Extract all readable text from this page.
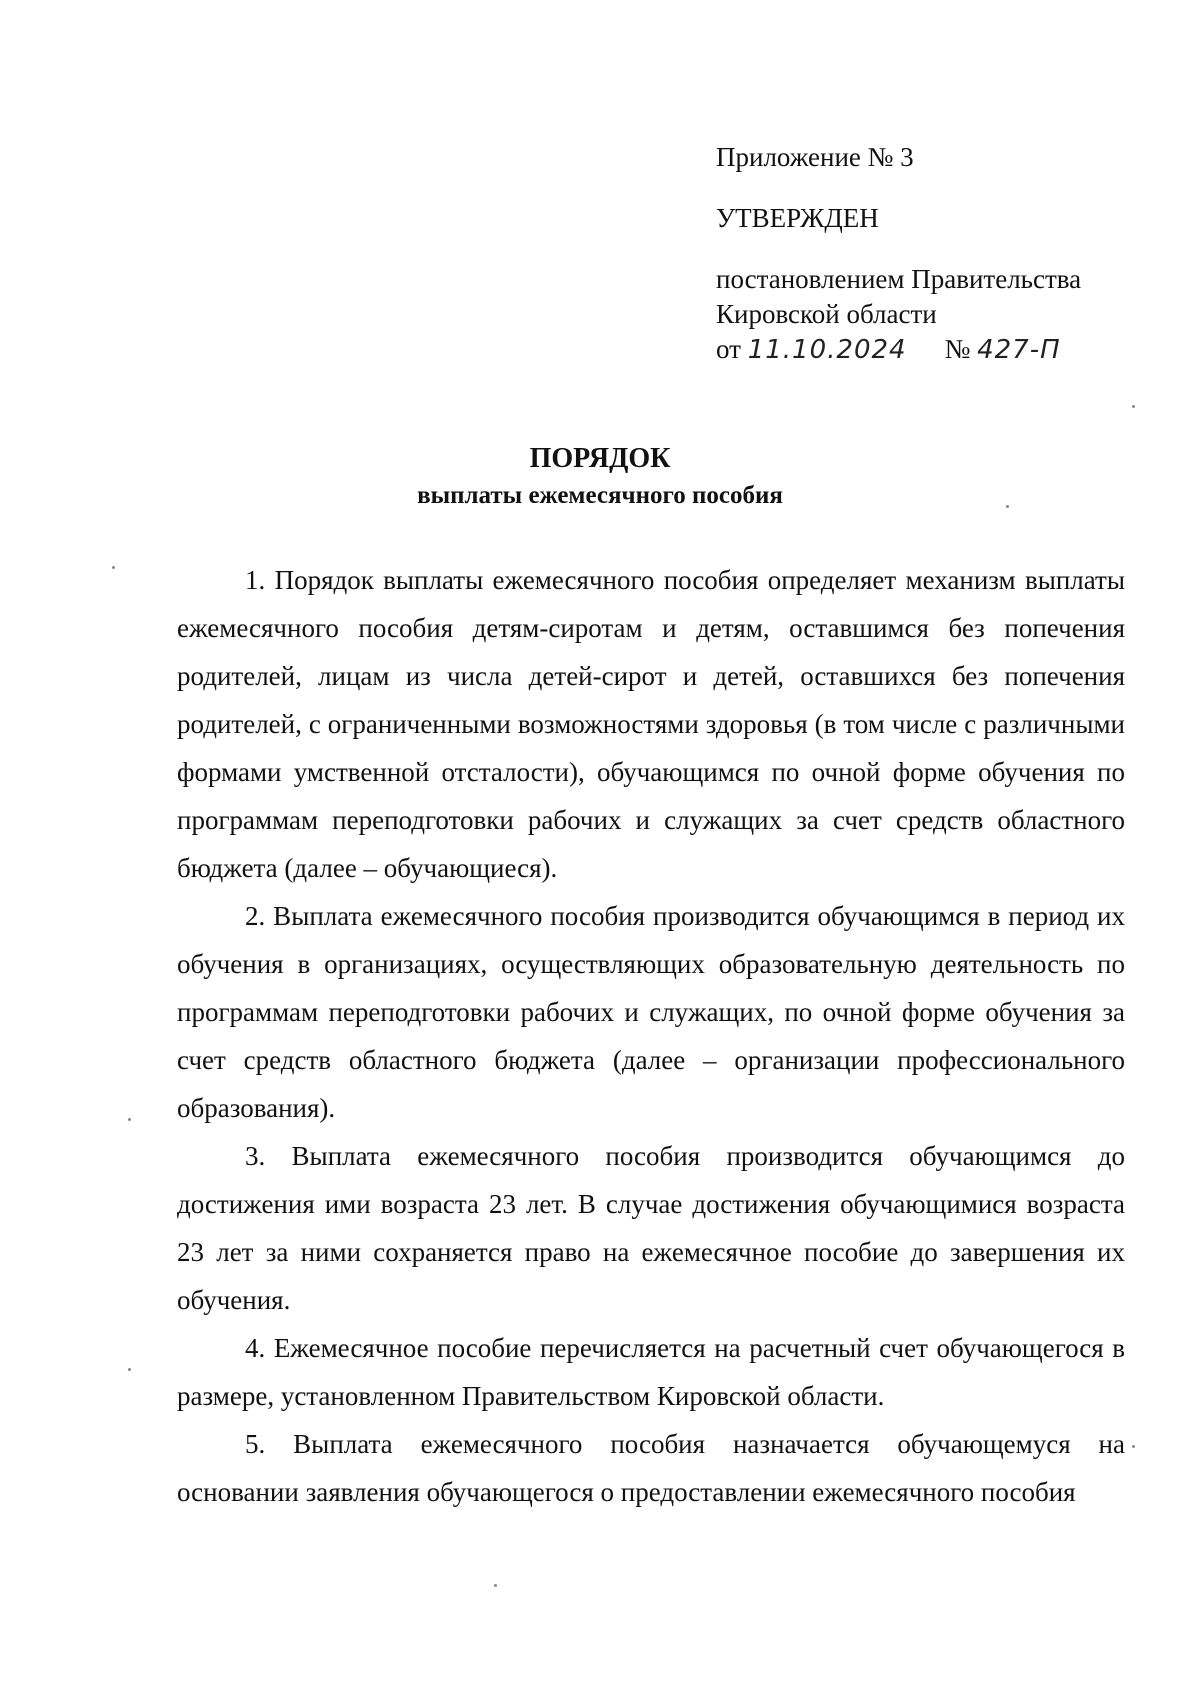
Приложение № 3
УТВЕРЖДЕН
постановлением Правительства
Кировской области
от 11.10.2024 № 427-П
ПОРЯДОК
выплаты ежемесячного пособия

1. Порядок выплаты ежемесячного пособия определяет механизм выплаты ежемесячного пособия детям-сиротам и детям, оставшимся без попечения родителей, лицам из числа детей-сирот и детей, оставшихся без попечения родителей, с ограниченными возможностями здоровья (в том числе с различными формами умственной отсталости), обучающимся по очной форме обучения по программам переподготовки рабочих и служащих за счет средств областного бюджета (далее – обучающиеся).

2. Выплата ежемесячного пособия производится обучающимся в период их обучения в организациях, осуществляющих образовательную деятельность по программам переподготовки рабочих и служащих, по очной форме обучения за счет средств областного бюджета (далее – организации профессионального образования).

3. Выплата ежемесячного пособия производится обучающимся до достижения ими возраста 23 лет. В случае достижения обучающимися возраста 23 лет за ними сохраняется право на ежемесячное пособие до завершения их обучения.

4. Ежемесячное пособие перечисляется на расчетный счет обучающегося в размере, установленном Правительством Кировской области.

5. Выплата ежемесячного пособия назначается обучающемуся на основании заявления обучающегося о предоставлении ежемесячного пособия
